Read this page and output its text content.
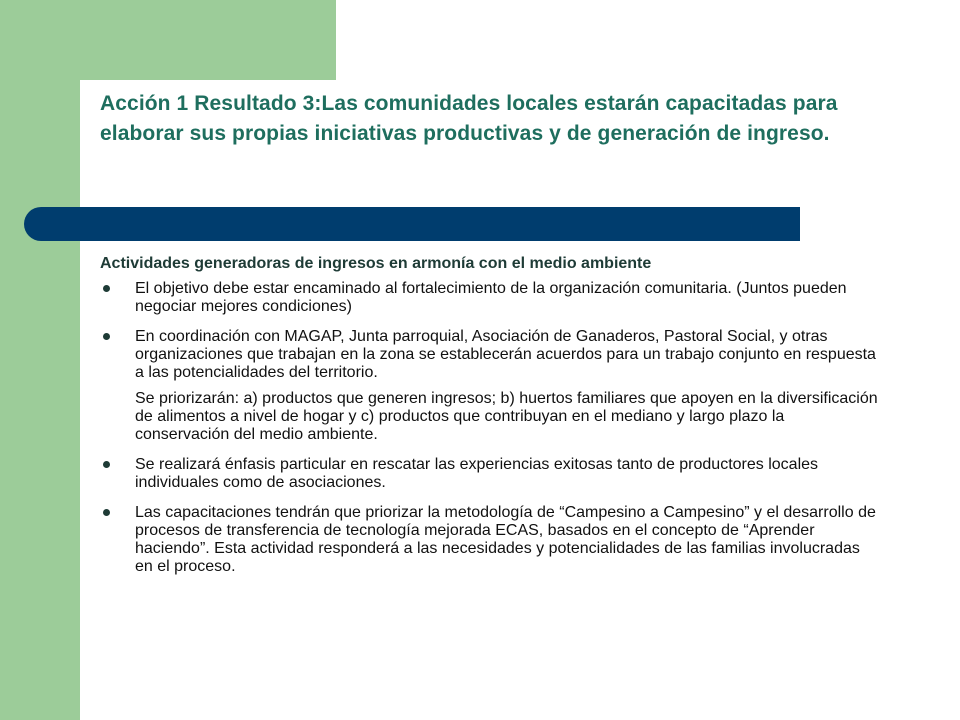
Acción 1 Resultado 3:Las comunidades locales estarán capacitadas para elaborar sus propias iniciativas productivas y de generación de ingreso.

Actividades generadoras de ingresos en armonía con el medio ambiente

El objetivo debe estar encaminado al fortalecimiento de la organización comunitaria. (Juntos pueden negociar mejores condiciones)
En coordinación con MAGAP, Junta parroquial, Asociación de Ganaderos, Pastoral Social, y otras organizaciones que trabajan en la zona se establecerán acuerdos para un trabajo conjunto en respuesta a las potencialidades del territorio.

Se priorizarán: a) productos que generen ingresos; b) huertos familiares que apoyen en la diversificación de alimentos a nivel de hogar y c) productos que contribuyan en el mediano y largo plazo la conservación del medio ambiente.

Se realizará énfasis particular en rescatar las experiencias exitosas tanto de productores locales individuales como de asociaciones.
Las capacitaciones tendrán que priorizar la metodología de “Campesino a Campesino” y el desarrollo de procesos de transferencia de tecnología mejorada ECAS, basados en el concepto de “Aprender haciendo”. Esta actividad responderá a las necesidades y potencialidades de las familias involucradas en el proceso.
